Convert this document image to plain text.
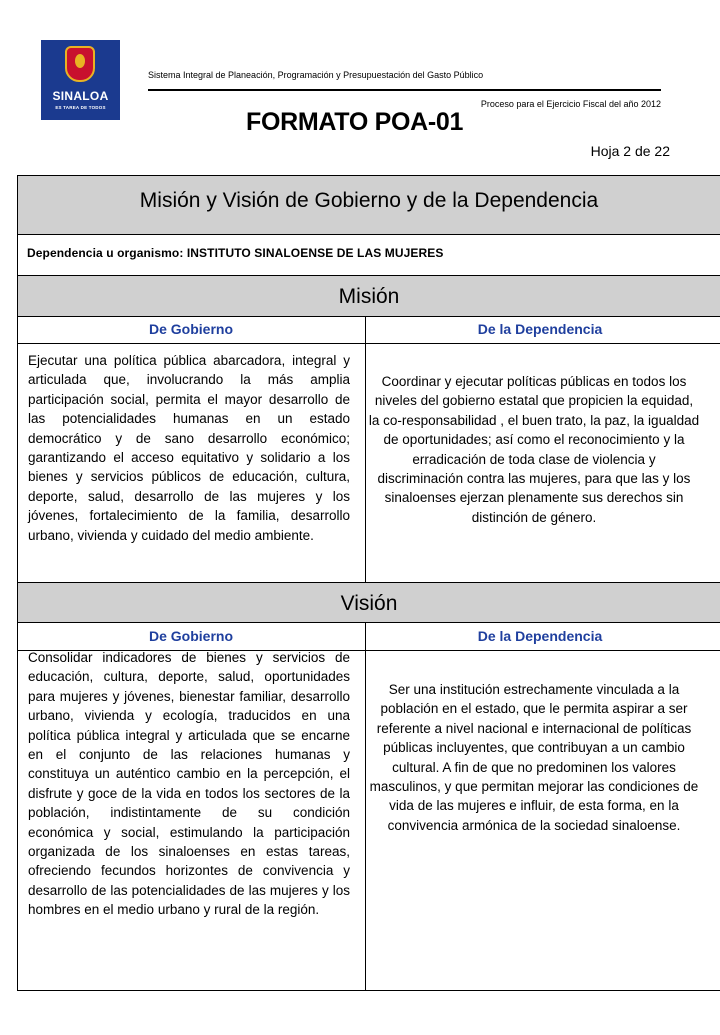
SINALOA
ES TAREA DE TODOS
Sistema Integral de Planeación, Programación y Presupuestación del Gasto Público
Proceso para el Ejercicio Fiscal del año 2012
FORMATO POA-01
Hoja 2 de 22
Misión y Visión de Gobierno y de la Dependencia
Dependencia u organismo: INSTITUTO SINALOENSE DE LAS MUJERES
Misión
De Gobierno	De la Dependencia
Ejecutar una política pública abarcadora, integral y articulada que, involucrando la más amplia participación social, permita el mayor desarrollo de las potencialidades humanas en un estado democrático y de sano desarrollo económico; garantizando el acceso equitativo y solidario a los bienes y servicios públicos de educación, cultura, deporte, salud, desarrollo de las mujeres y los jóvenes, fortalecimiento de la familia, desarrollo urbano, vivienda y cuidado del medio ambiente.
Coordinar y ejecutar políticas públicas en todos los niveles del gobierno estatal que propicien la equidad, la co-responsabilidad , el buen trato, la paz, la igualdad de oportunidades; así como el reconocimiento y la erradicación de toda clase de violencia y discriminación contra las mujeres, para que las y los sinaloenses ejerzan plenamente sus derechos sin distinción de género.
Visión
De Gobierno	De la Dependencia
Consolidar indicadores de bienes y servicios de educación, cultura, deporte, salud, oportunidades para mujeres y jóvenes, bienestar familiar, desarrollo urbano, vivienda y ecología, traducidos en una política pública integral y articulada que se encarne en el conjunto de las relaciones humanas y constituya un auténtico cambio en la percepción, el disfrute y goce de la vida en todos los sectores de la población, indistintamente de su condición económica y social, estimulando la participación organizada de los sinaloenses en estas tareas, ofreciendo fecundos horizontes de convivencia y desarrollo de las potencialidades de las mujeres y los hombres en el medio urbano y rural de la región.
Ser una institución estrechamente vinculada a la población en el estado, que le permita aspirar a ser referente a nivel nacional e internacional de políticas públicas incluyentes, que contribuyan a un cambio cultural. A fin de que no predominen los valores masculinos, y que permitan mejorar las condiciones de vida de las mujeres e influir, de esta forma, en la convivencia armónica de la sociedad sinaloense.
